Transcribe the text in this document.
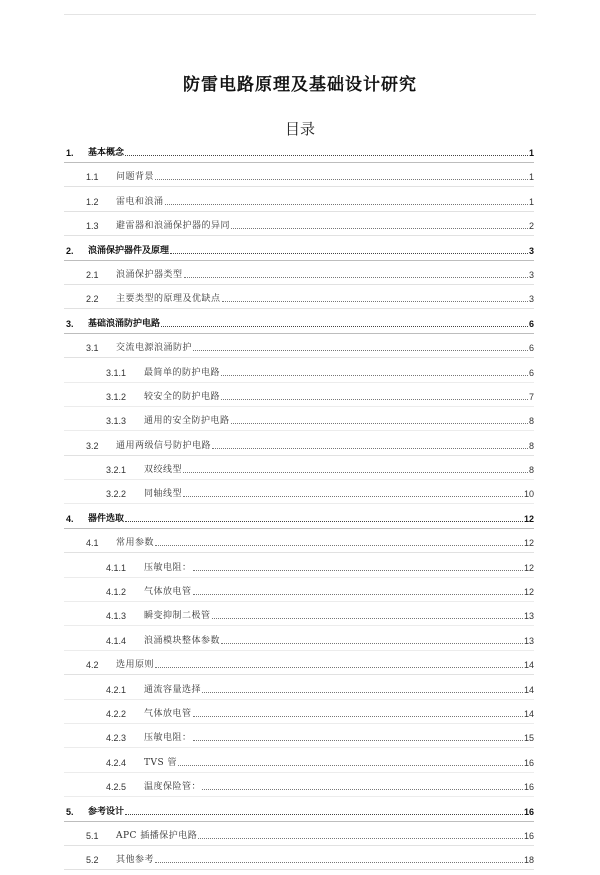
防雷电路原理及基础设计研究
目录
1.	基本概念	1
1.1	问题背景	1
1.2	雷电和浪涌	1
1.3	避雷器和浪涌保护器的异同	2
2.	浪涌保护器件及原理	3
2.1	浪涌保护器类型	3
2.2	主要类型的原理及优缺点	3
3.	基础浪涌防护电路	6
3.1	交流电源浪涌防护	6
3.1.1	最简单的防护电路	6
3.1.2	较安全的防护电路	7
3.1.3	通用的安全防护电路	8
3.2	通用两级信号防护电路	8
3.2.1	双绞线型	8
3.2.2	同轴线型	10
4.	器件选取	12
4.1	常用参数	12
4.1.1	压敏电阻：	12
4.1.2	气体放电管	12
4.1.3	瞬变抑制二极管	13
4.1.4	浪涌模块整体参数	13
4.2	选用原则	14
4.2.1	通流容量选择	14
4.2.2	气体放电管	14
4.2.3	压敏电阻：	15
4.2.4	TVS 管	16
4.2.5	温度保险管：	16
5.	参考设计	16
5.1	APC 插播保护电路	16
5.2	其他参考	18
